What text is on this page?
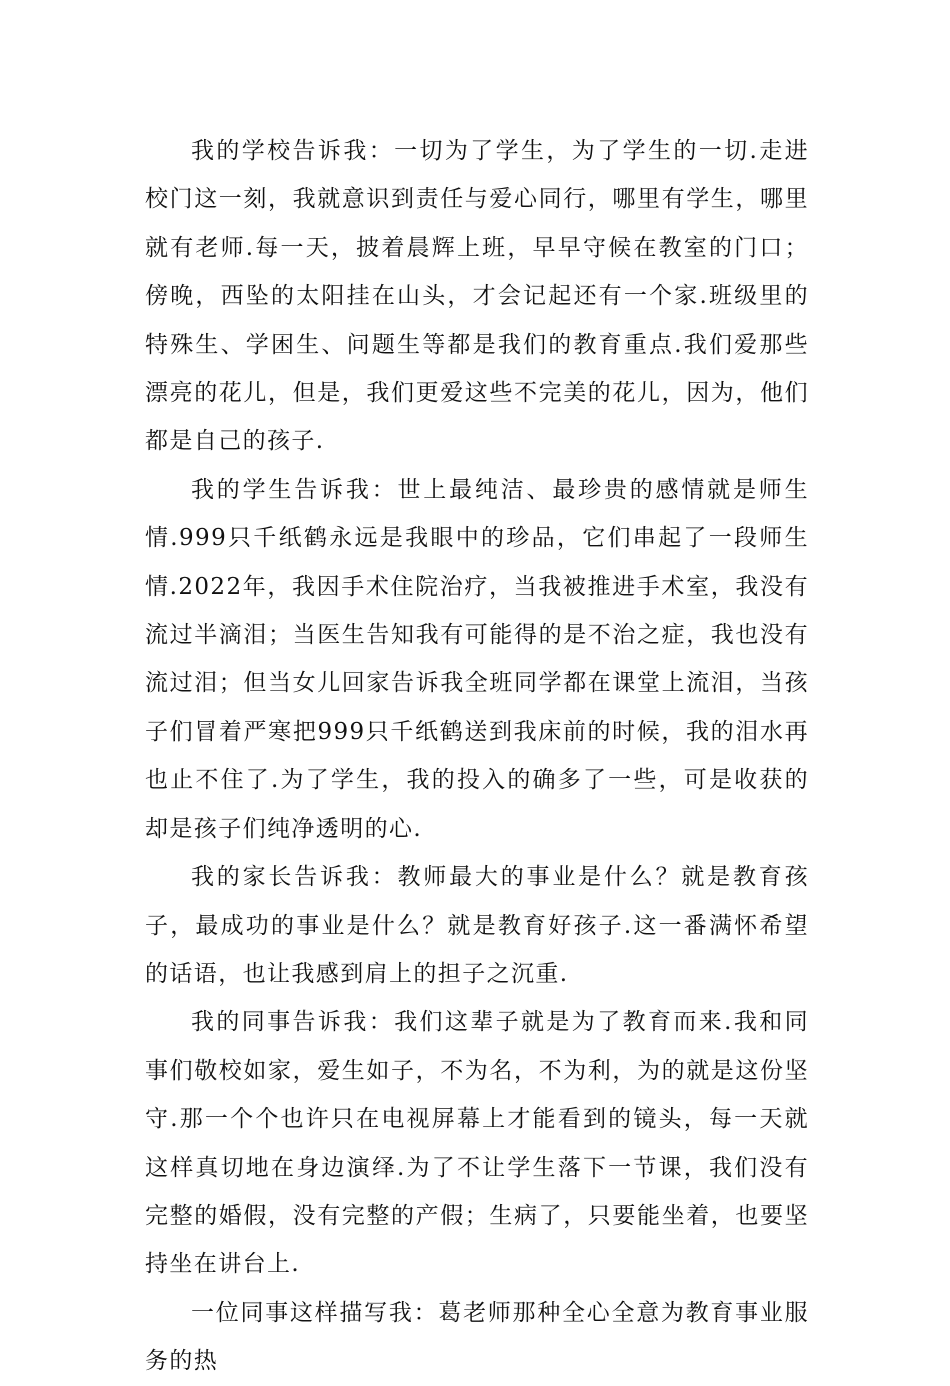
我的学校告诉我：一切为了学生，为了学生的一切.走进校门这一刻，我就意识到责任与爱心同行，哪里有学生，哪里就有老师.每一天，披着晨辉上班，早早守候在教室的门口；傍晚，西坠的太阳挂在山头，才会记起还有一个家.班级里的特殊生、学困生、问题生等都是我们的教育重点.我们爱那些漂亮的花儿，但是，我们更爱这些不完美的花儿，因为，他们都是自己的孩子.

我的学生告诉我：世上最纯洁、最珍贵的感情就是师生情.999只千纸鹤永远是我眼中的珍品，它们串起了一段师生情.2022年，我因手术住院治疗，当我被推进手术室，我没有流过半滴泪；当医生告知我有可能得的是不治之症，我也没有流过泪；但当女儿回家告诉我全班同学都在课堂上流泪，当孩子们冒着严寒把999只千纸鹤送到我床前的时候，我的泪水再也止不住了.为了学生，我的投入的确多了一些，可是收获的却是孩子们纯净透明的心.

我的家长告诉我：教师最大的事业是什么？就是教育孩子，最成功的事业是什么？就是教育好孩子.这一番满怀希望的话语，也让我感到肩上的担子之沉重.

我的同事告诉我：我们这辈子就是为了教育而来.我和同事们敬校如家，爱生如子，不为名，不为利，为的就是这份坚守.那一个个也许只在电视屏幕上才能看到的镜头，每一天就这样真切地在身边演绎.为了不让学生落下一节课，我们没有完整的婚假，没有完整的产假；生病了，只要能坐着，也要坚持坐在讲台上.

一位同事这样描写我：葛老师那种全心全意为教育事业服务的热
